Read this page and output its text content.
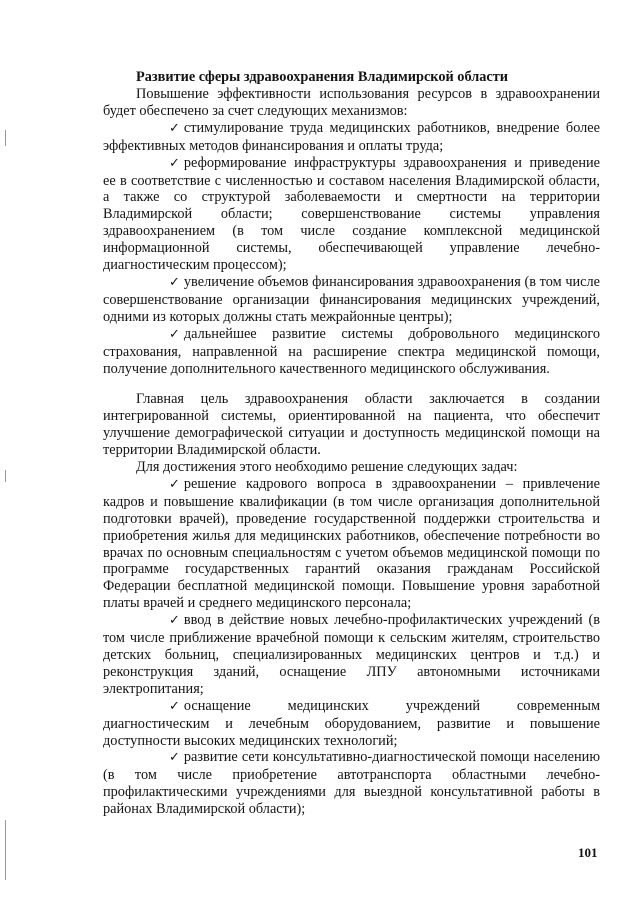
Развитие сферы здравоохранения Владимирской области

Повышение эффективности использования ресурсов в здравоохранении будет обеспечено за счет следующих механизмов:

✓ стимулирование труда медицинских работников, внедрение более эффективных методов финансирования и оплаты труда;

✓ реформирование инфраструктуры здравоохранения и приведение ее в соответствие с численностью и составом населения Владимирской области, а также со структурой заболеваемости и смертности на территории Владимирской области; совершенствование системы управления здравоохранением (в том числе создание комплексной медицинской информационной системы, обеспечивающей управление лечебно-диагностическим процессом);

✓ увеличение объемов финансирования здравоохранения (в том числе совершенствование организации финансирования медицинских учреждений, одними из которых должны стать межрайонные центры);

✓ дальнейшее развитие системы добровольного медицинского страхования, направленной на расширение спектра медицинской помощи, получение дополнительного качественного медицинского обслуживания.

Главная цель здравоохранения области заключается в создании интегрированной системы, ориентированной на пациента, что обеспечит улучшение демографической ситуации и доступность медицинской помощи на территории Владимирской области.

Для достижения этого необходимо решение следующих задач:

✓ решение кадрового вопроса в здравоохранении – привлечение кадров и повышение квалификации (в том числе организация дополнительной подготовки врачей), проведение государственной поддержки строительства и приобретения жилья для медицинских работников, обеспечение потребности во врачах по основным специальностям с учетом объемов медицинской помощи по программе государственных гарантий оказания гражданам Российской Федерации бесплатной медицинской помощи. Повышение уровня заработной платы врачей и среднего медицинского персонала;

✓ ввод в действие новых лечебно-профилактических учреждений (в том числе приближение врачебной помощи к сельским жителям, строительство детских больниц, специализированных медицинских центров и т.д.) и реконструкция зданий, оснащение ЛПУ автономными источниками электропитания;

✓ оснащение медицинских учреждений современным диагностическим и лечебным оборудованием, развитие и повышение доступности высоких медицинских технологий;

✓ развитие сети консультативно-диагностической помощи населению (в том числе приобретение автотранспорта областными лечебно-профилактическими учреждениями для выездной консультативной работы в районах Владимирской области);

101
